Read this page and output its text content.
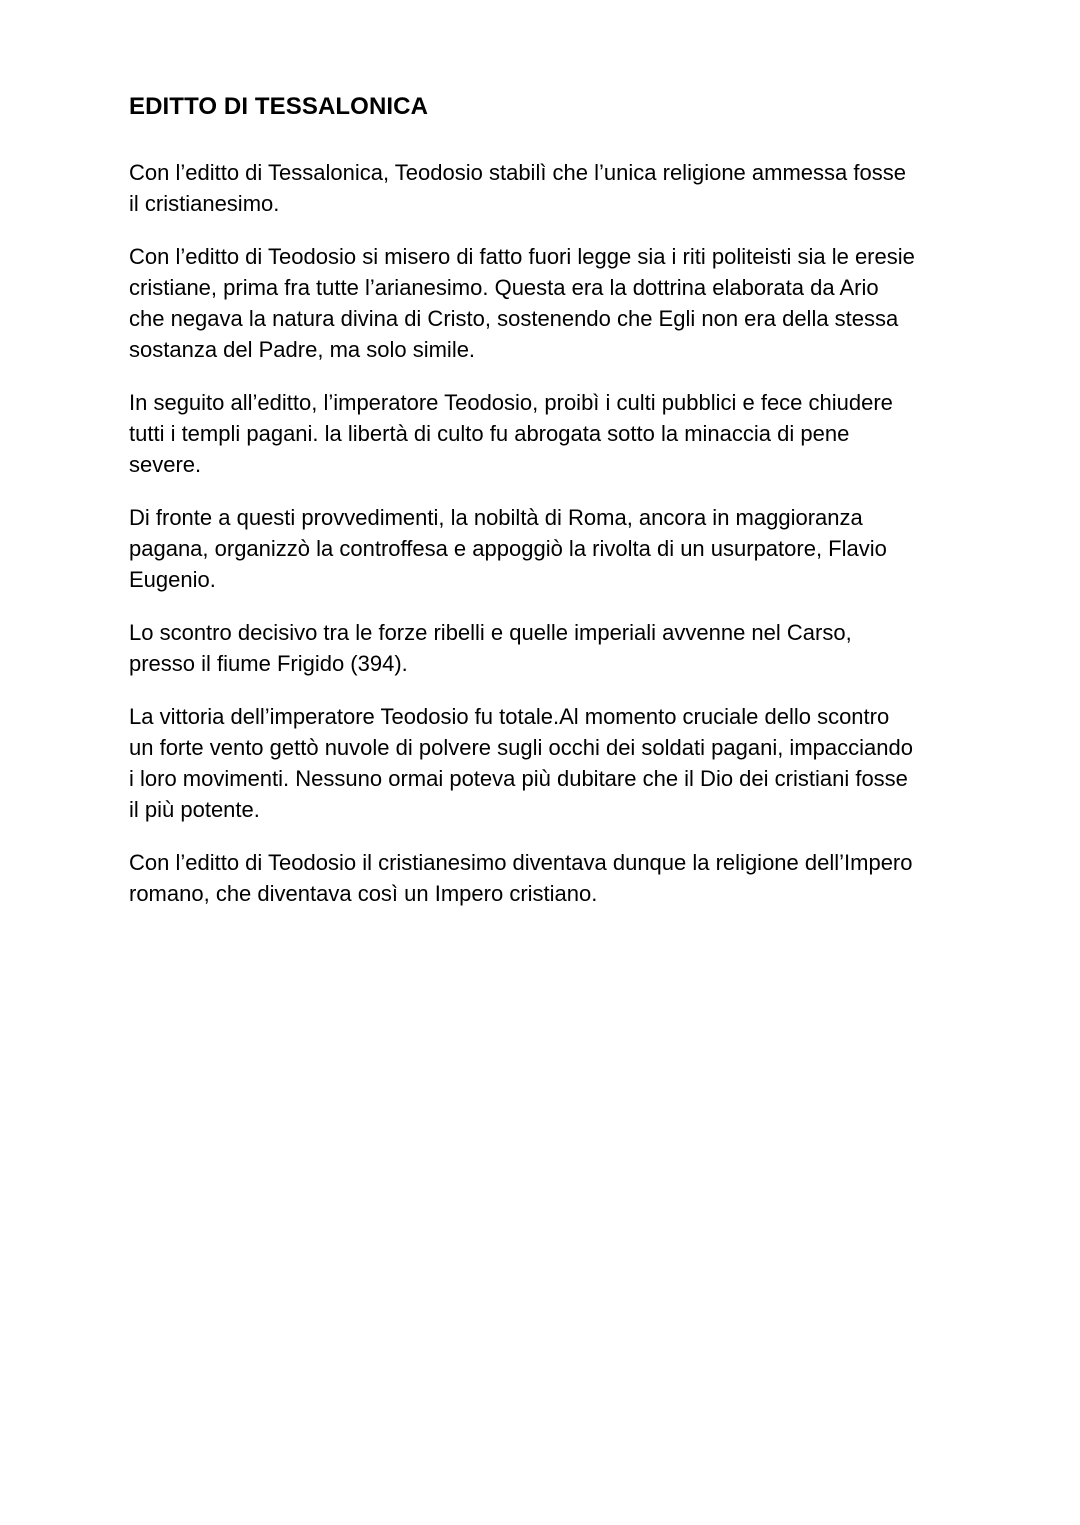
EDITTO DI TESSALONICA

Con l’editto di Tessalonica, Teodosio stabilì che l’unica religione ammessa fosse
il cristianesimo.

Con l’editto di Teodosio si misero di fatto fuori legge sia i riti politeisti sia le eresie
cristiane, prima fra tutte l’arianesimo. Questa era la dottrina elaborata da Ario
che negava la natura divina di Cristo, sostenendo che Egli non era della stessa
sostanza del Padre, ma solo simile.

In seguito all’editto, l’imperatore Teodosio, proibì i culti pubblici e fece chiudere
tutti i templi pagani. la libertà di culto fu abrogata sotto la minaccia di pene
severe.

Di fronte a questi provvedimenti, la nobiltà di Roma, ancora in maggioranza
pagana, organizzò la controffesa e appoggiò la rivolta di un usurpatore, Flavio
Eugenio.

Lo scontro decisivo tra le forze ribelli e quelle imperiali avvenne nel Carso,
presso il fiume Frigido (394).

La vittoria dell’imperatore Teodosio fu totale.Al momento cruciale dello scontro
un forte vento gettò nuvole di polvere sugli occhi dei soldati pagani, impacciando
i loro movimenti. Nessuno ormai poteva più dubitare che il Dio dei cristiani fosse
il più potente.

Con l’editto di Teodosio il cristianesimo diventava dunque la religione dell’Impero
romano, che diventava così un Impero cristiano.
